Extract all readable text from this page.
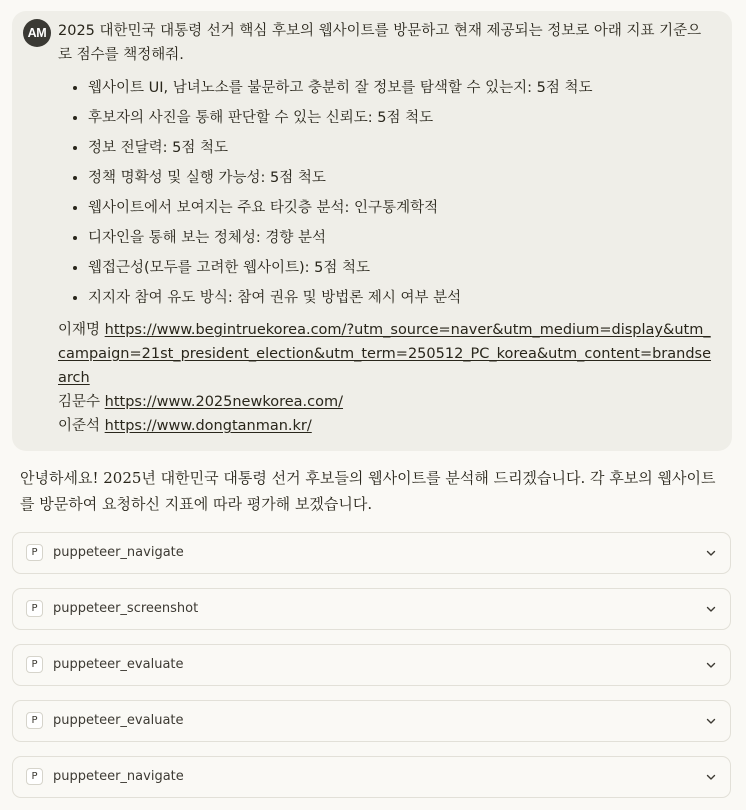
AM 2025 대한민국 대통령 선거 핵심 후보의 웹사이트를 방문하고 현재 제공되는 정보로 아래 지표 기준으로 점수를 책정해줘.
• 웹사이트 UI, 남녀노소를 불문하고 충분히 잘 정보를 탐색할 수 있는지: 5점 척도
• 후보자의 사진을 통해 판단할 수 있는 신뢰도: 5점 척도
• 정보 전달력: 5점 척도
• 정책 명확성 및 실행 가능성: 5점 척도
• 웹사이트에서 보여지는 주요 타깃층 분석: 인구통계학적
• 디자인을 통해 보는 정체성: 경향 분석
• 웹접근성(모두를 고려한 웹사이트): 5점 척도
• 지지자 참여 유도 방식: 참여 권유 및 방법론 제시 여부 분석
이재명 https://www.begintruekorea.com/?utm_source=naver&utm_medium=display&utm_campaign=21st_president_election&utm_term=250512_PC_korea&utm_content=brandsearch
김문수 https://www.2025newkorea.com/
이준석 https://www.dongtanman.kr/
안녕하세요! 2025년 대한민국 대통령 선거 후보들의 웹사이트를 분석해 드리겠습니다. 각 후보의 웹사이트를 방문하여 요청하신 지표에 따라 평가해 보겠습니다.
P	puppeteer_navigate
P	puppeteer_screenshot
P	puppeteer_evaluate
P	puppeteer_evaluate
P	puppeteer_navigate
